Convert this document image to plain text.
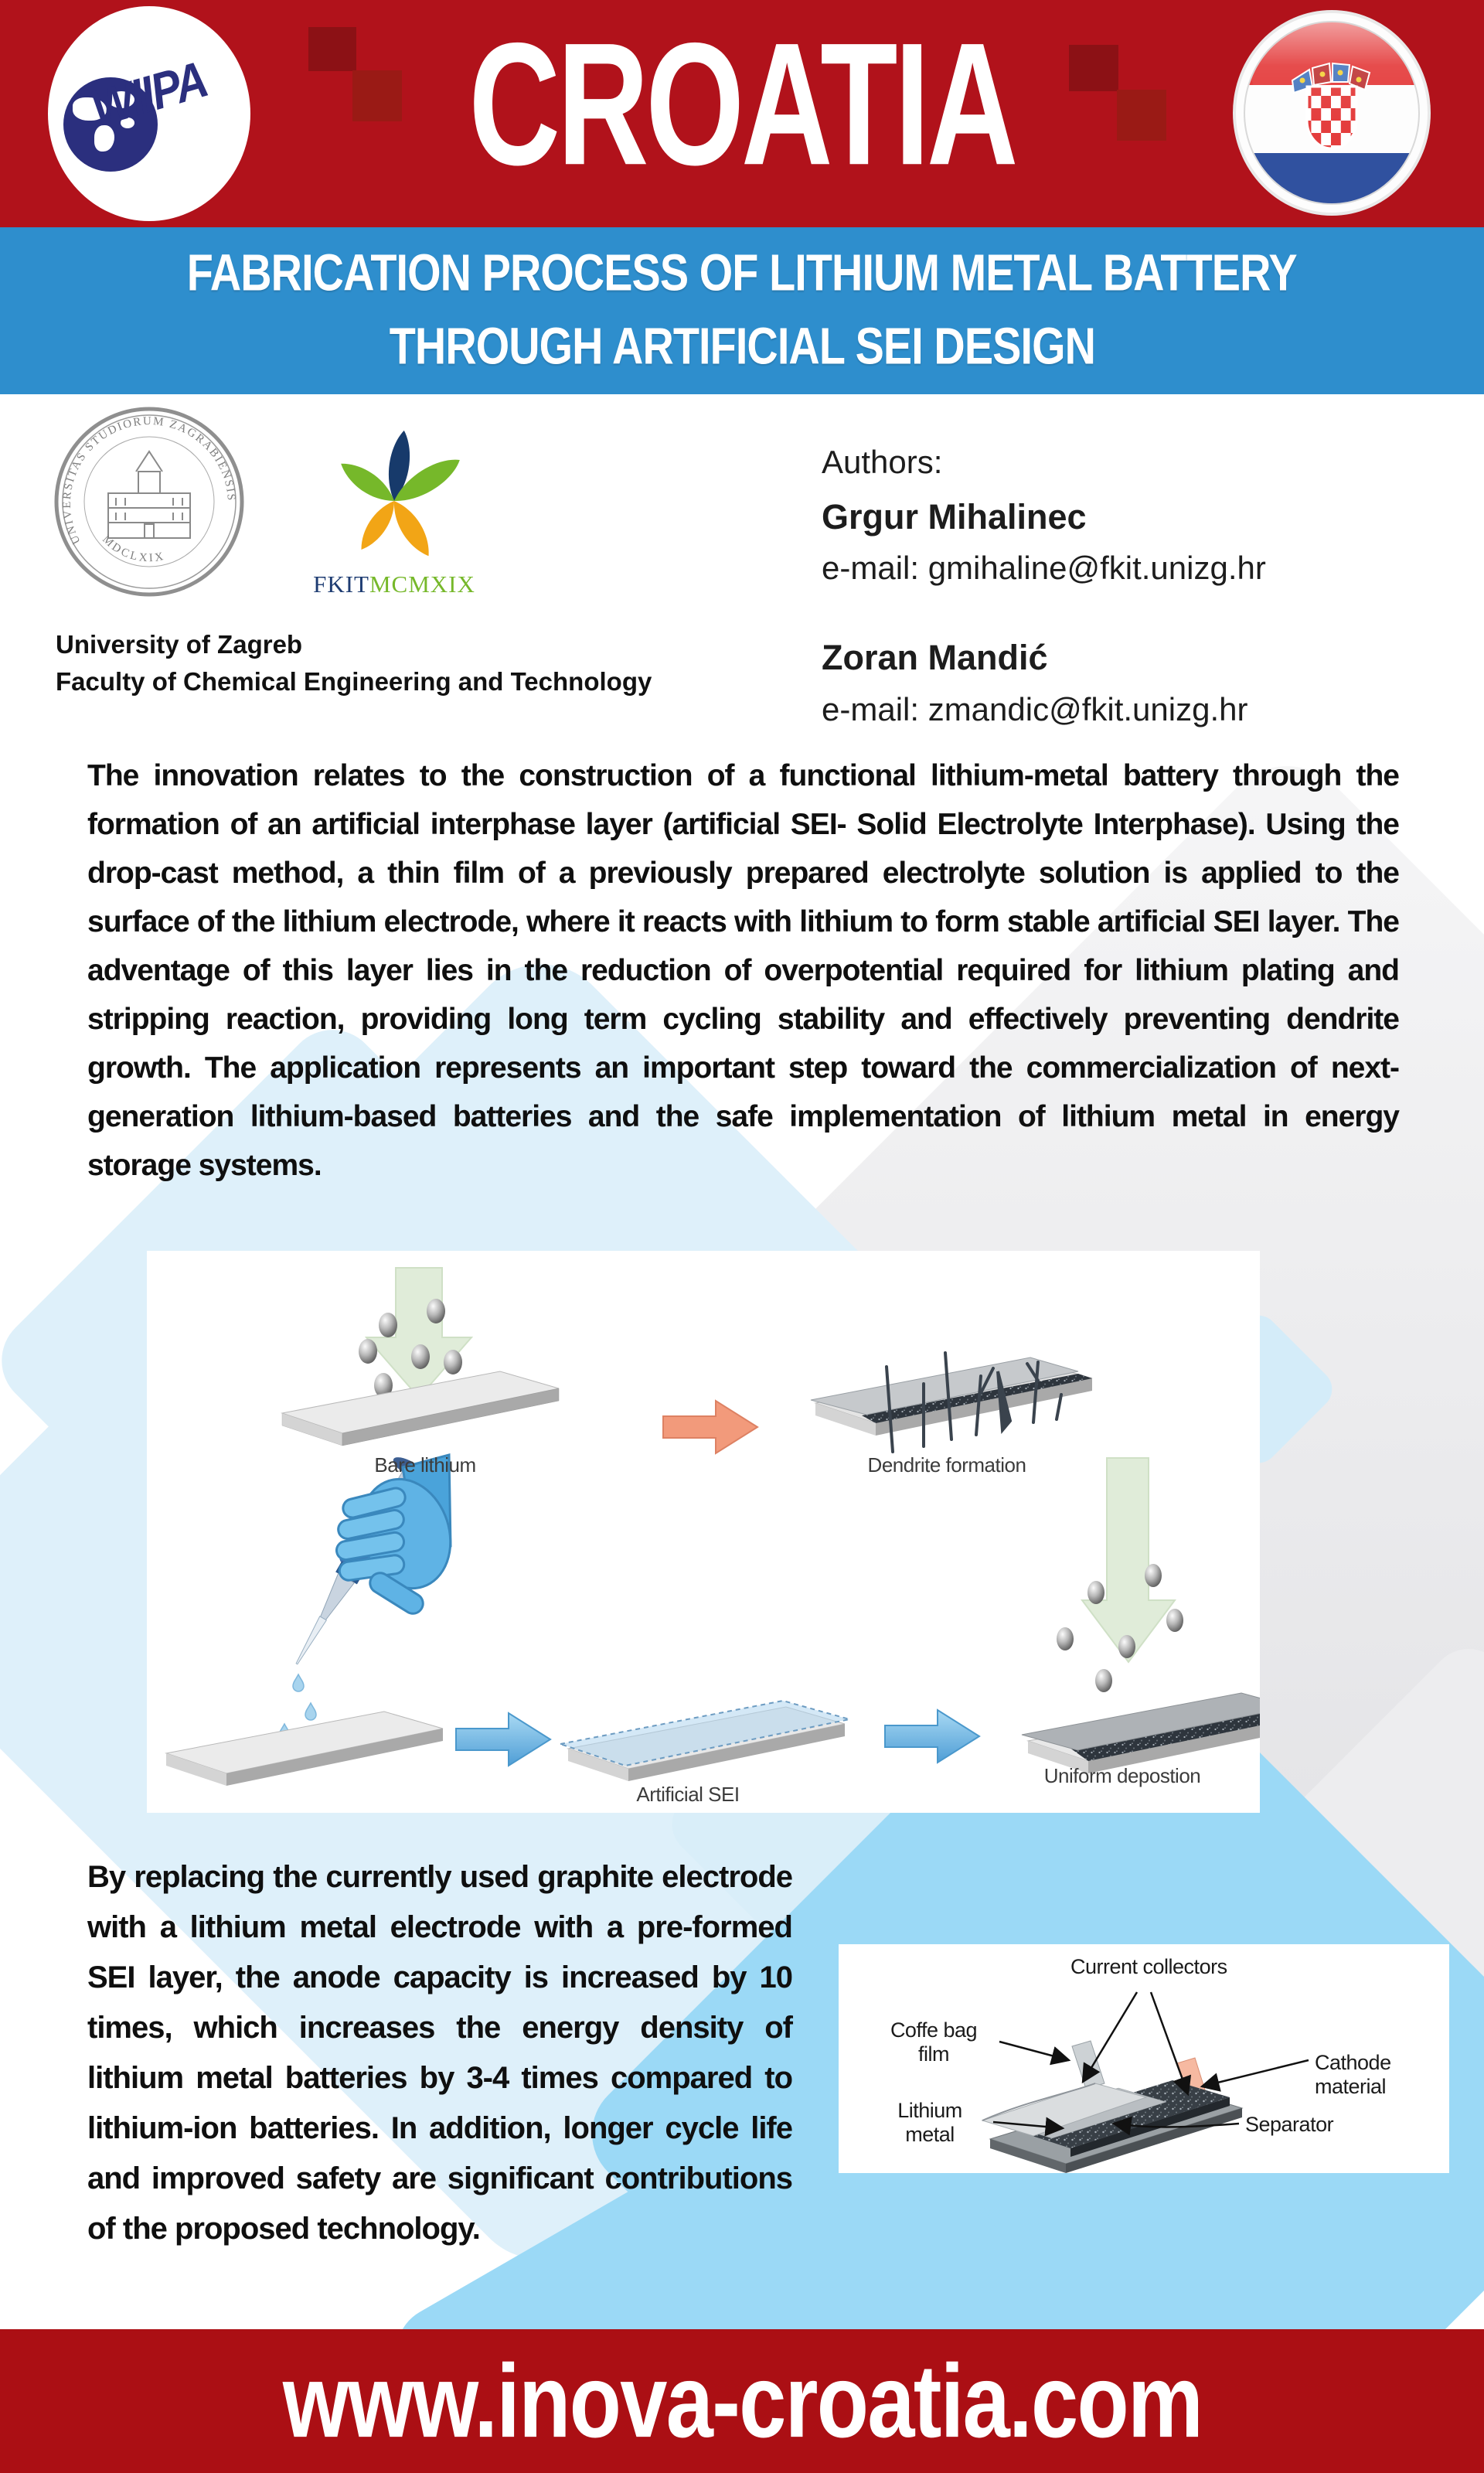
WIIPA CROATIA
FABRICATION PROCESS OF LITHIUM METAL BATTERY
THROUGH ARTIFICIAL SEI DESIGN
UNIVERSITAS STUDIORUM ZAGRABIENSIS
MDCLXIX
FKITMCMXIX
University of Zagreb
Faculty of Chemical Engineering and Technology
Authors:
Grgur Mihalinec
e-mail: gmihaline@fkit.unizg.hr
Zoran Mandić
e-mail: zmandic@fkit.unizg.hr
The innovation relates to the construction of a functional lithium-metal battery through the formation of an artificial interphase layer (artificial SEI- Solid Electrolyte Interphase). Using the drop-cast method, a thin film of a previously prepared electrolyte solution is applied to the surface of the lithium electrode, where it reacts with lithium to form stable artificial SEI layer. The adventage of this layer lies in the reduction of overpotential required for lithium plating and stripping reaction, providing long term cycling stability and effectively preventing dendrite growth. The application represents an important step toward the commercialization of next-generation lithium-based batteries and the safe implementation of lithium metal in energy storage systems.
Bare lithium	Dendrite formation
Artificial SEI
Uniform depostion
By replacing the currently used graphite electrode with a lithium metal electrode with a pre-formed SEI layer, the anode capacity is increased by 10 times, which increases the energy density of lithium metal batteries by 3-4 times compared to lithium-ion batteries. In addition, longer cycle life and improved safety are significant contributions of the proposed technology.
Current collectors
Coffe bag
film
Lithium
metal
Cathode material
Separator
www.inova-croatia.com
